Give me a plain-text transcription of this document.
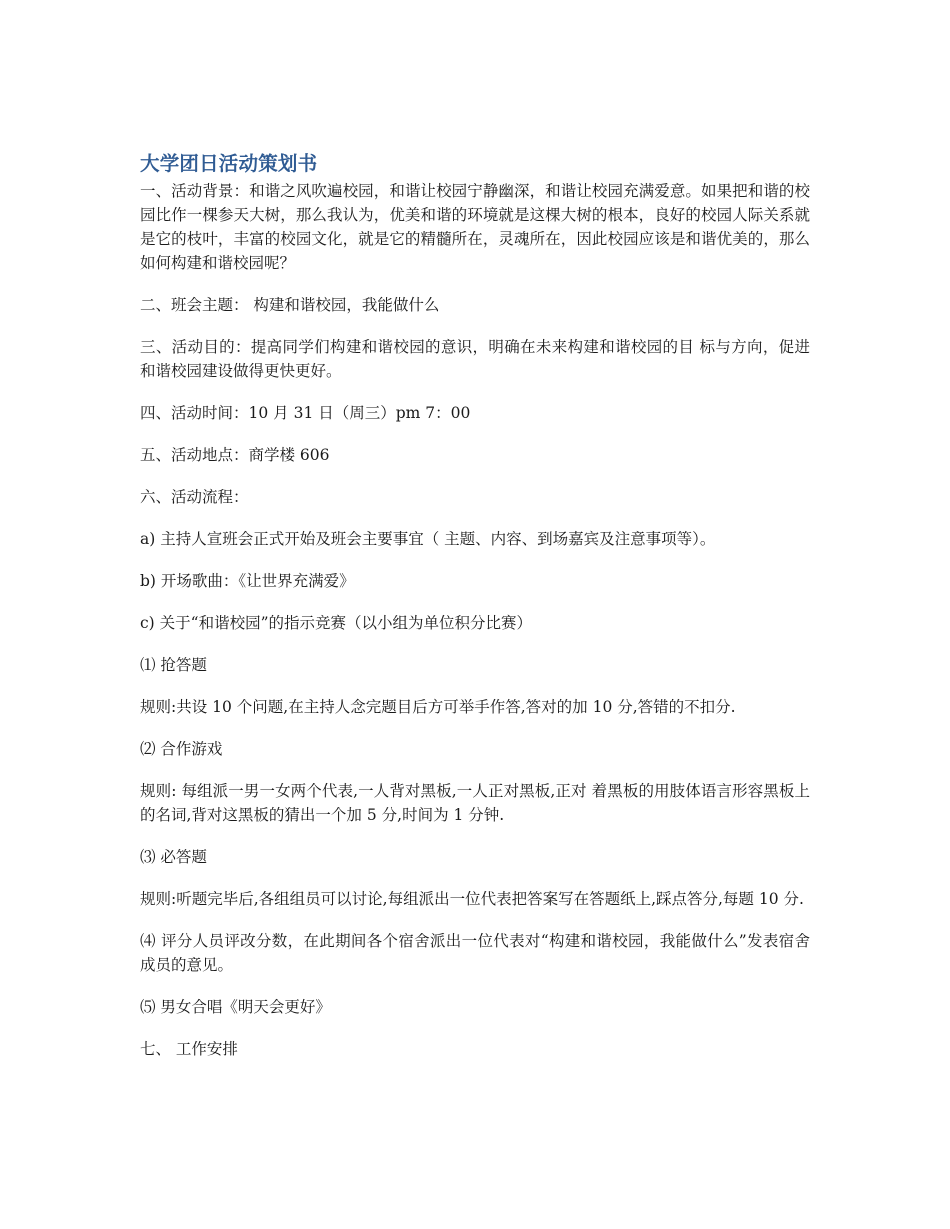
大学团日活动策划书

一、活动背景：和谐之风吹遍校园，和谐让校园宁静幽深，和谐让校园充满爱意。如果把和谐的校园比作一棵参天大树，那么我认为，优美和谐的环境就是这棵大树的根本，良好的校园人际关系就是它的枝叶，丰富的校园文化，就是它的精髓所在，灵魂所在，因此校园应该是和谐优美的，那么如何构建和谐校园呢？

二、班会主题： 构建和谐校园，我能做什么

三、活动目的：提高同学们构建和谐校园的意识，明确在未来构建和谐校园的目 标与方向，促进和谐校园建设做得更快更好。

四、活动时间：10 月 31 日（周三）pm 7：00

五、活动地点：商学楼 606

六、活动流程：

a) 主持人宣班会正式开始及班会主要事宜（ 主题、内容、到场嘉宾及注意事项等）。

b) 开场歌曲：《让世界充满爱》

c) 关于“和谐校园”的指示竞赛（以小组为单位积分比赛）

⑴ 抢答题

规则:共设 10 个问题,在主持人念完题目后方可举手作答,答对的加 10 分,答错的不扣分.

⑵ 合作游戏

规则: 每组派一男一女两个代表,一人背对黑板,一人正对黑板,正对 着黑板的用肢体语言形容黑板上的名词,背对这黑板的猜出一个加 5 分,时间为 1 分钟.

⑶ 必答题

规则:听题完毕后,各组组员可以讨论,每组派出一位代表把答案写在答题纸上,踩点答分,每题 10 分.

⑷ 评分人员评改分数，在此期间各个宿舍派出一位代表对“构建和谐校园，我能做什么”发表宿舍成员的意见。

⑸ 男女合唱《明天会更好》

七、 工作安排
